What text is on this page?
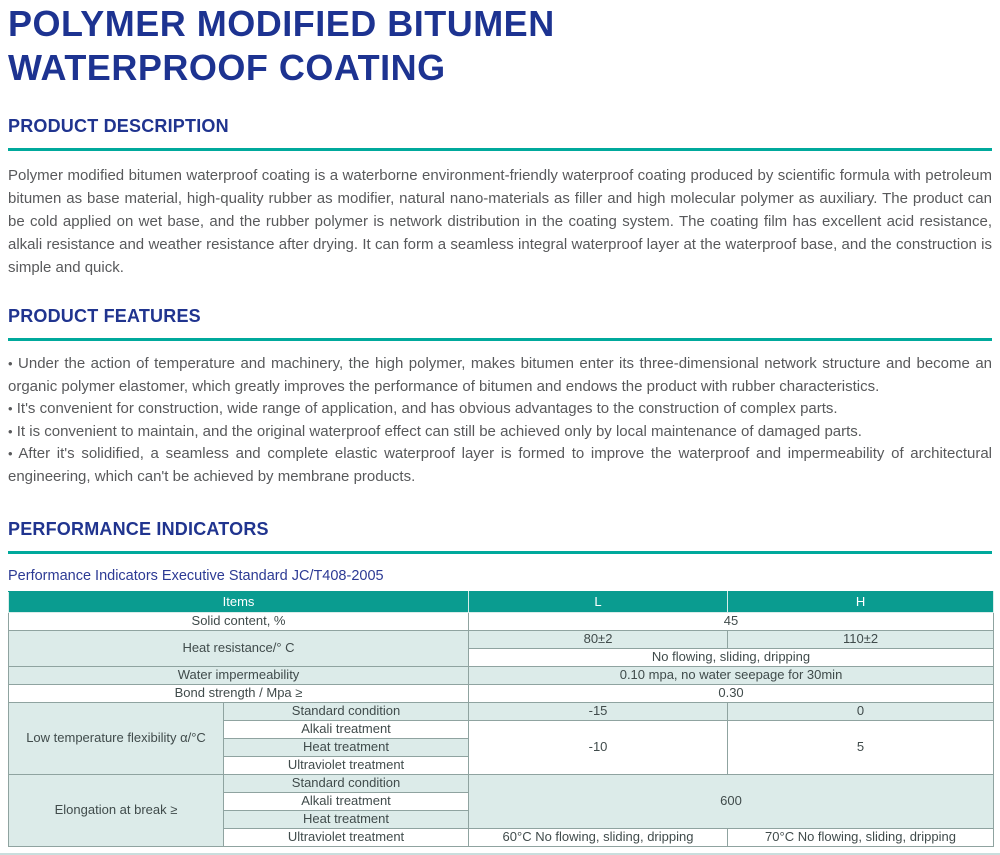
POLYMER MODIFIED BITUMEN
WATERPROOF COATING
PRODUCT DESCRIPTION

Polymer modified bitumen waterproof coating is a waterborne environment-friendly waterproof coating produced by scientific formula with petroleum bitumen as base material, high-quality rubber as modifier, natural nano-materials as filler and high molecular polymer as auxiliary. The product can be cold applied on wet base, and the rubber polymer is network distribution in the coating system. The coating film has excellent acid resistance, alkali resistance and weather resistance after drying. It can form a seamless integral waterproof layer at the waterproof base, and the construction is simple and quick.

PRODUCT FEATURES
• Under the action of temperature and machinery, the high polymer, makes bitumen enter its three-dimensional network structure and become an organic polymer elastomer, which greatly improves the performance of bitumen and endows the product with rubber characteristics.
• It's convenient for construction, wide range of application, and has obvious advantages to the construction of complex parts.
• It is convenient to maintain, and the original waterproof effect can still be achieved only by local maintenance of damaged parts.
• After it's solidified, a seamless and complete elastic waterproof layer is formed to improve the waterproof and impermeability of architectural engineering, which can't be achieved by membrane products.
PERFORMANCE INDICATORS
Performance Indicators Executive Standard JC/T408-2005
Items		L	H
Solid content, %		45	
Heat resistance/° C		80±2	110±2
		No flowing, sliding, dripping	
Water impermeability		0.10 mpa, no water seepage for 30min	
Bond strength / Mpa ≥		0.30	
Low temperature flexibility α/°C	Standard condition	-15	0
	Alkali treatment	-10	5
	Heat treatment		
	Ultraviolet treatment		
Elongation at break ≥	Standard condition	600	
	Alkali treatment		
	Heat treatment		
	Ultraviolet treatment	60°C No flowing, sliding, dripping	70°C No flowing, sliding, dripping
